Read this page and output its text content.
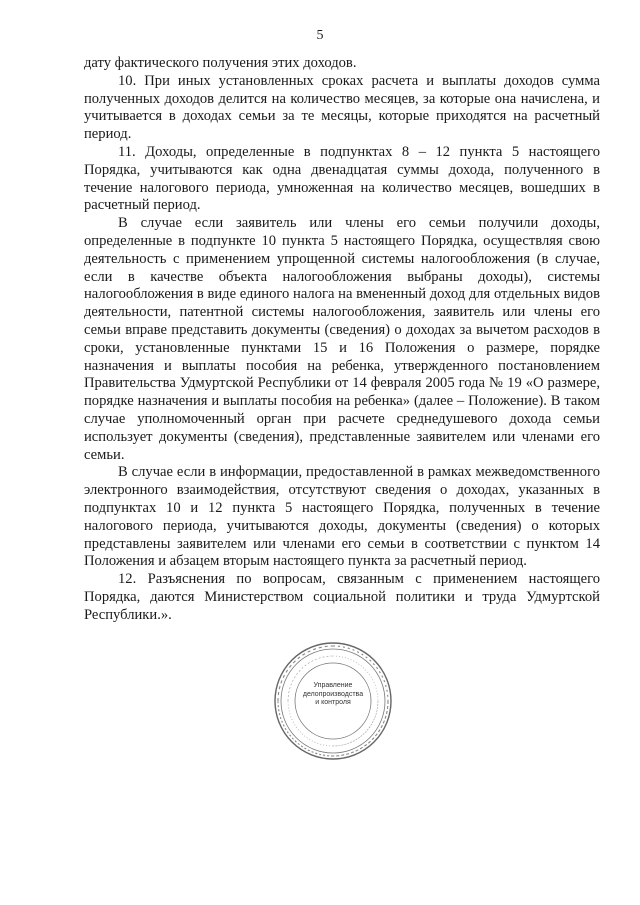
5

дату фактического получения этих доходов.

10. При иных установленных сроках расчета и выплаты доходов сумма полученных доходов делится на количество месяцев, за которые она начислена, и учитывается в доходах семьи за те месяцы, которые приходятся на расчетный период.

11. Доходы, определенные в подпунктах 8 – 12 пункта 5 настоящего Порядка, учитываются как одна двенадцатая суммы дохода, полученного в течение налогового периода, умноженная на количество месяцев, вошедших в расчетный период.

В случае если заявитель или члены его семьи получили доходы, определенные в подпункте 10 пункта 5 настоящего Порядка, осуществляя свою деятельность с применением упрощенной системы налогообложения (в случае, если в качестве объекта налогообложения выбраны доходы), системы налогообложения в виде единого налога на вмененный доход для отдельных видов деятельности, патентной системы налогообложения, заявитель или члены его семьи вправе представить документы (сведения) о доходах за вычетом расходов в сроки, установленные пунктами 15 и 16 Положения о размере, порядке назначения и выплаты пособия на ребенка, утвержденного постановлением Правительства Удмуртской Республики от 14 февраля 2005 года № 19 «О размере, порядке назначения и выплаты пособия на ребенка» (далее – Положение). В таком случае уполномоченный орган при расчете среднедушевого дохода семьи использует документы (сведения), представленные заявителем или членами его семьи.

В случае если в информации, предоставленной в рамках межведомственного электронного взаимодействия, отсутствуют сведения о доходах, указанных в подпунктах 10 и 12 пункта 5 настоящего Порядка, полученных в течение налогового периода, учитываются доходы, документы (сведения) о которых представлены заявителем или членами его семьи в соответствии с пунктом 14 Положения и абзацем вторым настоящего пункта за расчетный период.

12. Разъяснения по вопросам, связанным с применением настоящего Порядка, даются Министерством социальной политики и труда Удмуртской Республики.».

Управление
делопроизводства
и контроля
